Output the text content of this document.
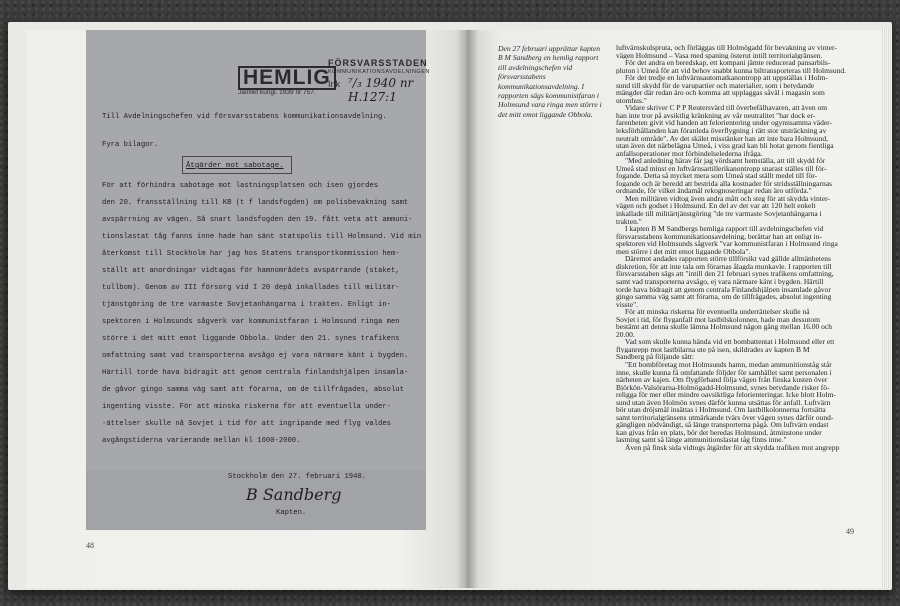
HEMLIG
Jämlikt kungl. 1939 nr 757.
FÖRSVARSSTADEN
KOMMUNIKATIONSAVDELNINGEN
Ink ⁷/₃ 1940 nr H.127:1
Till Avdelningschefen vid försvarsstabens kommunikationsavdelning.
Fyra bilagor.
Åtgärder mot sabotage.
För att förhindra sabotage mot lastningsplatsen och isen gjordes
den 20. fransställning till KB (t f landsfogden) om polisbevakning samt
avspärrning av vägen. Så snart landsfogden den 19. fått veta att ammuni-
tionslastat tåg fanns inne hade han sänt statspolis till Holmsund. Vid min
återkomst till Stockholm har jag hos Statens transportkommission hem-
ställt att anordningar vidtagas för hamnområdets avspärrande (staket,
tullbom). Genom av III försorg vid I 20 depå inkallades till militär-
tjänstgöring de tre varmaste Sovjetanhängarna i trakten. Enligt in-
spektoren i Holmsunds sågverk var kommunistfaran i Holmsund ringa men
större i det mitt emot liggande Obbola. Under den 21. synes trafikens
omfattning samt vad transporterna avsågo ej vara närmare känt i bygden.
Härtill torde hava bidragit att genom centrala finlandshjälpen insamla-
de gåvor gingo samma väg samt att förarna, om de tillfrågades, absolut
ingenting visste. För att minska riskerna för att eventuella under-
-ättelser skulle nå Sovjet i tid för att ingripande med flyg valdes
avgångstiderna varierande mellan kl 1600-2000.
Stockholm den 27. februari 1940.
B Sandberg
Kapten.
48
Den 27 februari upprättar kapten B M Sandberg en hemlig rapport till avdelningschefen vid försvarsstabens kommunikationsavdelning. I rapporten sägs kommunistfaran i Holmsund vara ringa men större i det mitt emot liggande Obbola.
luftvärnskulspruta, och förläggas till Holmögadd för bevakning av vinter-
vägen Holmsund – Vasa med spaning österut intill territorialgränsen.
För det andra en beredskap, ett kompani jämte reducerad pansarbils-
pluton i Umeå för att vid behov snabbt kunna biltransporteras till Holmsund.
För det tredje en luftvärnsautomatkanontropp att uppställas i Holm-
sund till skydd för de varupartier och materialier, som i betydande
mängder där redan äro och komma att upplaggas såväl i magasin som
utomhus."
Vidare skriver C P P Reutersvärd till överbefälhavaren, att även om
han inte tror på avsiktlig kränkning av vår neutralitet "har dock er-
farenheten givit vid handen att felorientering under ogynnsamma väder-
leksförhållanden kan föranleda överflygning i rätt stor utsträckning av
neutralt område". Av det skälet misstänker han att inte bara Holmsund,
utan även det närbelägna Umeå, i viss grad kan bli hotat genom fientliga
anfallsoperationer mot förbindelselederna ifråga.
"Med anledning härav får jag vördsamt hemställa, att till skydd för
Umeå stad minst en luftvärnsartillerikanontropp snarast ställes till för-
fogande. Detta så mycket mera som Umeå stad ställt medel till för-
fogande och är beredd att bestrida alla kostnader för stridsställningarnas
ordnande, för vilket ändamål rekognoseringar redan äro utförda."
Men militären vidtog även andra mått och steg för att skydda vinter-
vägen och godset i Holmsund. En del av det var att 120 helt enkelt
inkallade till militärtjänstgöring "de tre varmaste Sovjetanhängarna i
trakten."
I kapten B M Sandbergs hemliga rapport till avdelningschefen vid
försvarsstabens kommunikationsavdelning, berättar han att enligt in-
spektoren vid Holmsunds sågverk "var kommunistfaran i Holmsund ringa
men större i det mitt emot liggande Obbola".
Däremot andades rapporten större tillförsikt vad gällde allmänhetens
diskretion, för att inte tala om förarnas ålagda munkavle. I rapporten till
försvarsstaben sägs att "intill den 21 februari synes trafikens omfattning,
samt vad transporterna avsågo, ej vara närmare känt i bygden. Härtill
torde hava bidragit att genom centrala Finlandshjälpen insamlade gåvor
gingo samma väg samt att förarna, om de tillfrågades, absolut ingenting
visste".
För att minska riskerna för eventuella underrättelser skulle nå
Sovjet i tid, för flyganfall mot lastbilskolonnen, hade man dessutom
bestämt att denna skulle lämna Holmsund någon gång mellan 16.00 och
20.00.
Vad som skulle kunna hända vid ett bombattentat i Holmsund eller ett
flyganrepp mot lastbilarna ute på isen, skildrades av kapten B M
Sandberg på följande sätt:
"Ett bombföretag mot Holmsunds hamn, medan ammunitionståg står
inne, skulle kunna få omfattande följder för samhället samt personalen i
närheten av kajen. Om flygförband följa vägen från finska kusten över
Björkön-Valsörarna-Holmögadd-Holmsund, synes betydande risker fö-
religga för mer eller mindre oavsiktliga felorienteringar. Icke blott Holm-
sund utan även Holmön synes därför kunna utsättas för anfall. Luftvärn
bör utan dröjsmål insättas i Holmsund. Om lastbilkolonnerna fortsätta
samt territorialgränsens utmärkande tvärs över vägen synes därför ound-
gängligen nödvändigt, så länge transporterna pågå. Om luftvärn endast
kan givas från en plats, bör det beredas Holmsund, åtminstone under
lastning samt så länge ammunitionslastat tåg finns inne."
Även på finsk sida vidtogs åtgärder för att skydda trafiken mot angrepp
49
